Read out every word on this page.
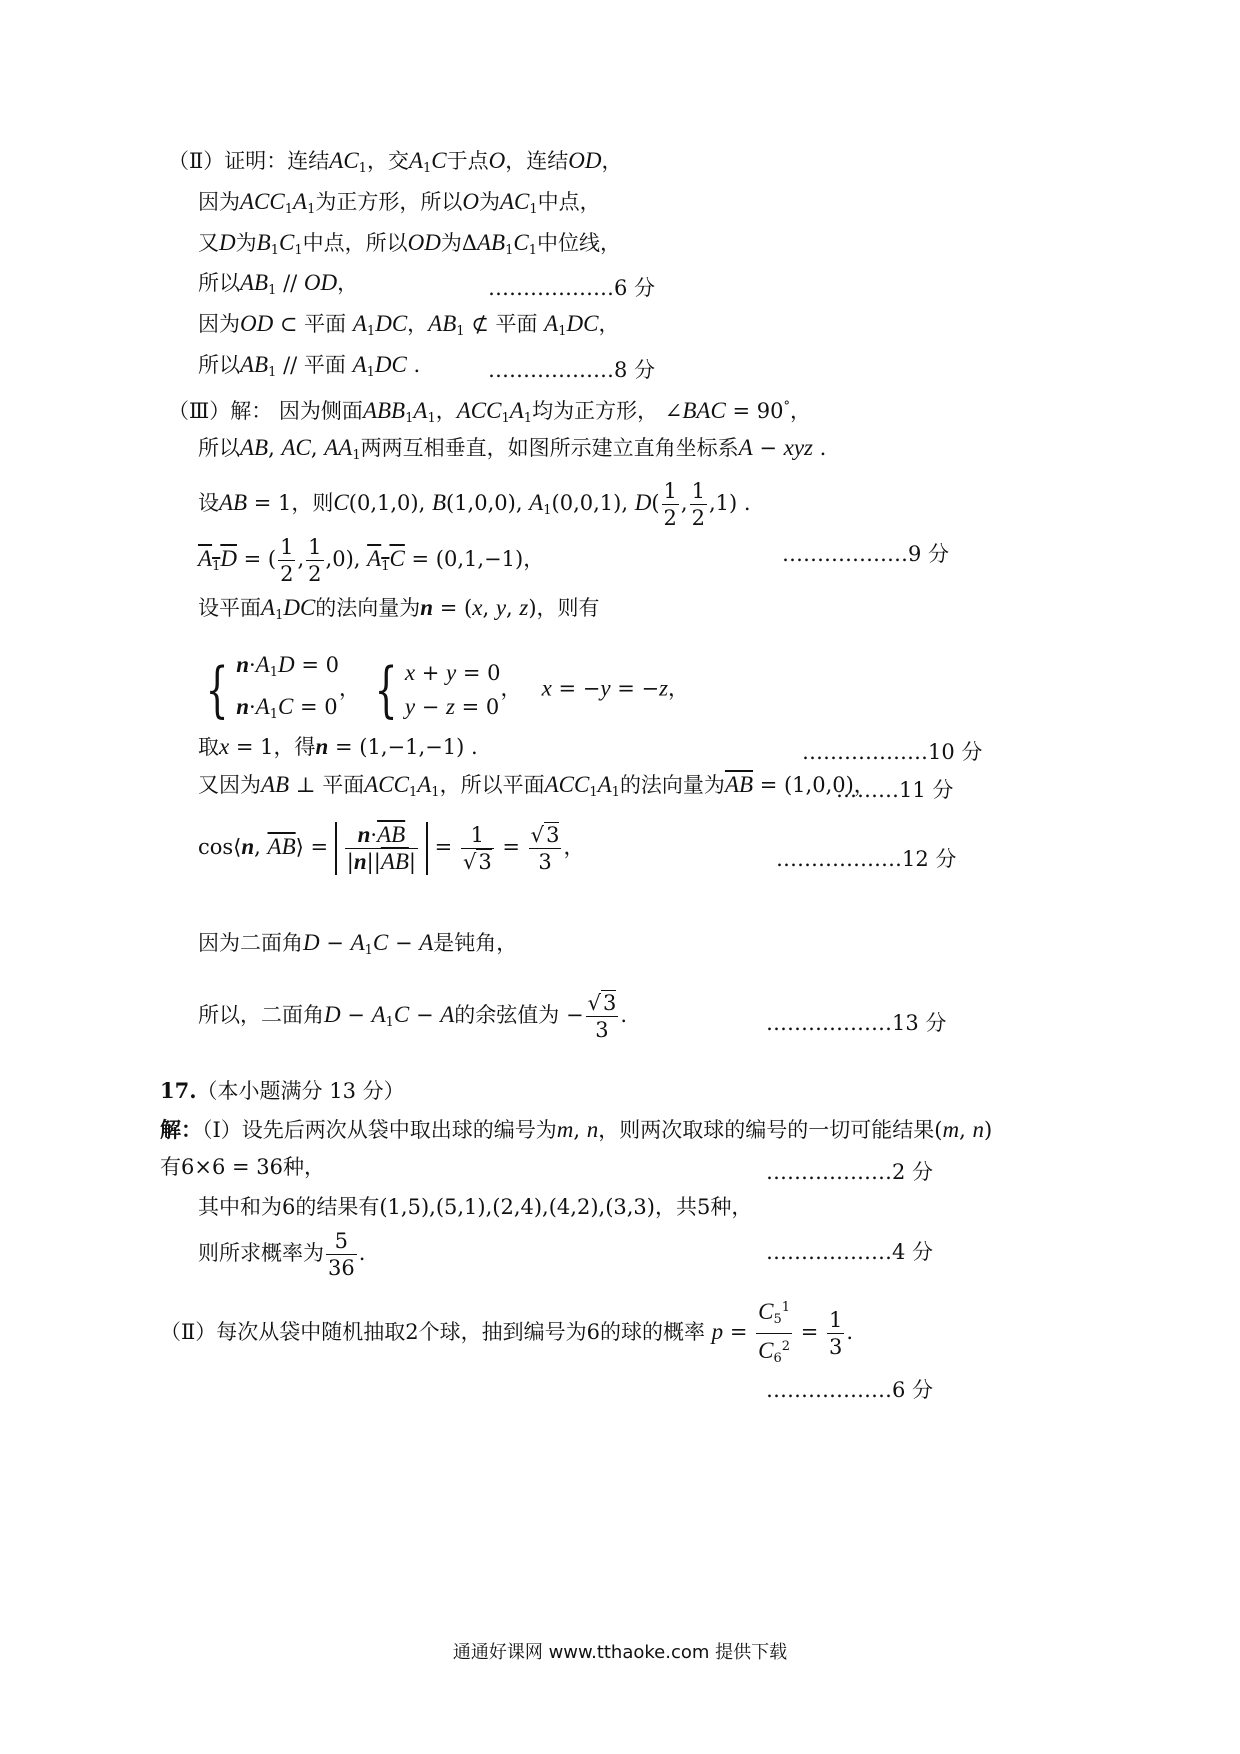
（Ⅱ）证明：连结$AC_1$，交$A_1C$于点O，连结OD，
因为$ACC_1A_1$为正方形，所以O为$AC_1$中点，
又D为$B_1C_1$中点，所以OD为$\Delta AB_1C_1$中位线，
所以$AB_1$ // OD，	………………6 分
因为OD ⊂ 平面 $A_1DC$，$AB_1$ ⊄ 平面 $A_1DC$，
所以$AB_1$ // 平面 $A_1DC$ .	………………8 分
（Ⅲ）解： 因为侧面$ABB_1A_1$，$ACC_1A_1$均为正方形， ∠BAC = 90°，
所以AB, AC, $AA_1$两两互相垂直，如图所示建立直角坐标系A − xyz .
设AB = 1，则C(0,1,0), B(1,0,0), $A_1(0,0,1)$, $D( \frac{1}{2}$ , $\frac{1}{2} ,1$) .
$A_1D$ = ( $\frac{1}{2}$ , $\frac{1}{2} ,0$), $A_1C = (0,1,-1)$，	………………9 分
设平面$A_1DC$的法向量为n = (x, y, z)，则有
{ $n\cdot A_1D = 0$
$n\cdot A_1C = 0$
， { x + y = 0
y − z = 0
，   x = −y = −z，
取x = 1，得n = (1,−1,−1) .	………………10 分
又因为AB ⊥ 平面$ACC_1A_1$，所以平面$ACC_1A_1$的法向量为$\overline{AB} = (1,0,0)$，
………11 分
cos⟨n, $\overline{AB}⟩ = \frac{n\cdot\overline{AB}}{|n||\overline{AB}|} = \frac{1}{√3} = \frac{√3}{3}$ ，	………………12 分
因为二面角$D - A_1C - A$是钝角，
所以，二面角$D - A_1C - A$的余弦值为 − $\frac{√3}{3}$ .	………………13 分
17.（本小题满分 13 分）
解：（Ⅰ）设先后两次从袋中取出球的编号为m, n，则两次取球的编号的一切可能结果(m, n)
有6×6 = 36种，	………………2 分
其中和为6的结果有(1,5),(5,1),(2,4),(4,2),(3,3)，共5种，
则所求概率为 $\frac{5}{36}$ .	………………4 分
（Ⅱ）每次从袋中随机抽取2个球，抽到编号为6的球的概率 $p = \frac{C_5^1}{C_6^2} = \frac{1}{3}$ .
………………6 分
通通好课网 www.tthaoke.com 提供下载
